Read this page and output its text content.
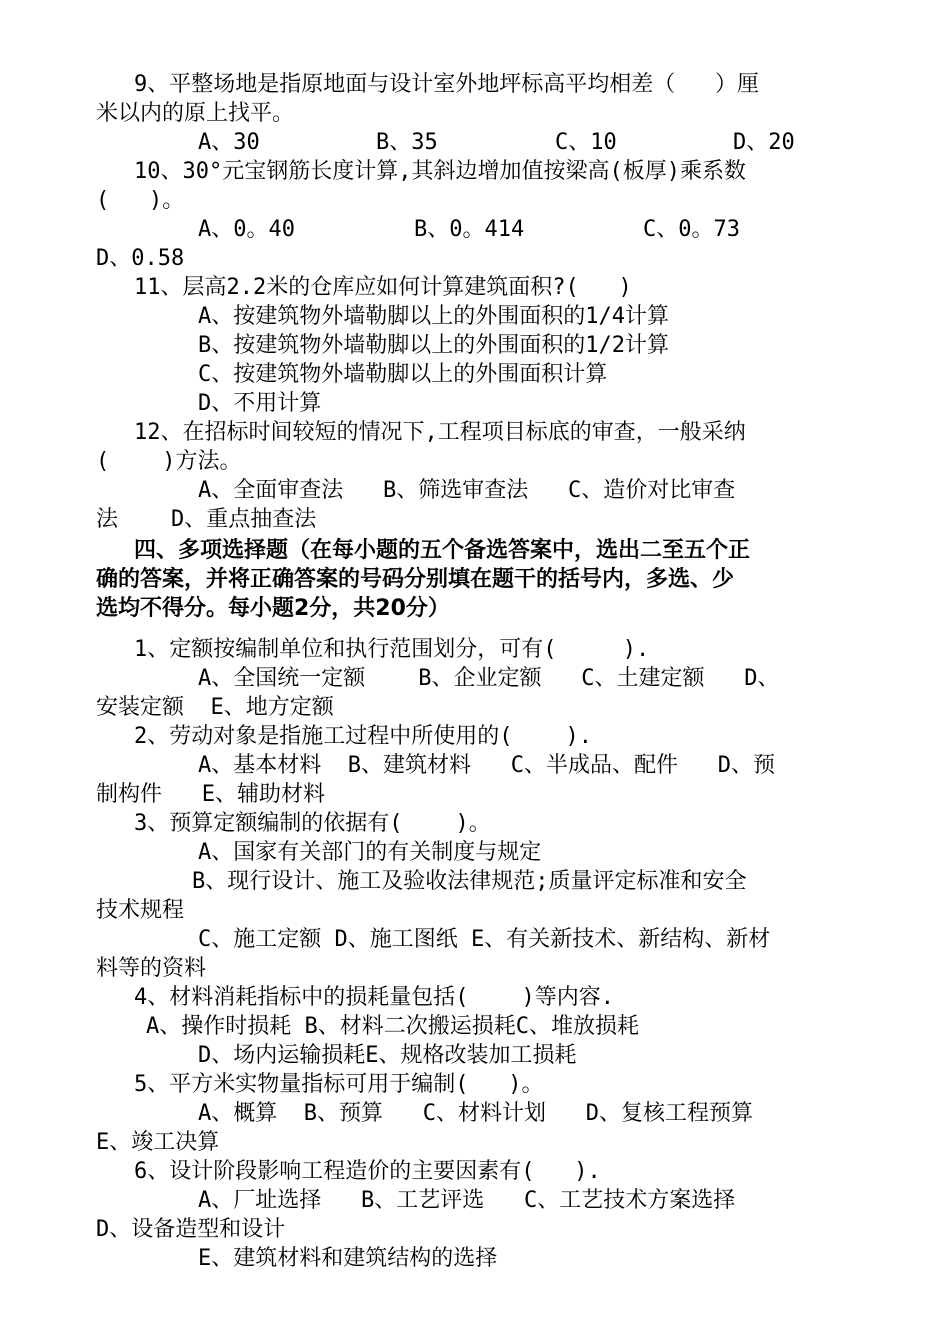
9、平整场地是指原地面与设计室外地坪标高平均相差（   ）厘
米以内的原上找平。
A、30	B、35	C、10	D、20
10、30°元宝钢筋长度计算,其斜边增加值按梁高(板厚)乘系数
(   )。
A、0。40	B、0。414	C、0。73
D、0.58
11、层高2.2米的仓库应如何计算建筑面积?(   )
A、按建筑物外墙勒脚以上的外围面积的1/4计算
B、按建筑物外墙勒脚以上的外围面积的1/2计算
C、按建筑物外墙勒脚以上的外围面积计算
D、不用计算
12、在招标时间较短的情况下,工程项目标底的审查，一般采纳
(    )方法。
A、全面审查法   B、筛选审查法   C、造价对比审查
法    D、重点抽查法
四、多项选择题（在每小题的五个备选答案中，选出二至五个正
确的答案，并将正确答案的号码分别填在题干的括号内，多选、少
选均不得分。每小题2分，共20分）
1、定额按编制单位和执行范围划分，可有(     ).
A、全国统一定额    B、企业定额   C、土建定额   D、
安装定额  E、地方定额
2、劳动对象是指施工过程中所使用的(    ).
A、基本材料  B、建筑材料   C、半成品、配件   D、预
制构件   E、辅助材料
3、预算定额编制的依据有(    )。
A、国家有关部门的有关制度与规定
B、现行设计、施工及验收法律规范;质量评定标准和安全
技术规程
C、施工定额 D、施工图纸 E、有关新技术、新结构、新材
料等的资料
4、材料消耗指标中的损耗量包括(    )等内容.
A、操作时损耗 B、材料二次搬运损耗C、堆放损耗
D、场内运输损耗E、规格改装加工损耗
5、平方米实物量指标可用于编制(   )。
A、概算  B、预算   C、材料计划   D、复核工程预算
E、竣工决算
6、设计阶段影响工程造价的主要因素有(   ).
A、厂址选择   B、工艺评选   C、工艺技术方案选择
D、设备造型和设计
E、建筑材料和建筑结构的选择
